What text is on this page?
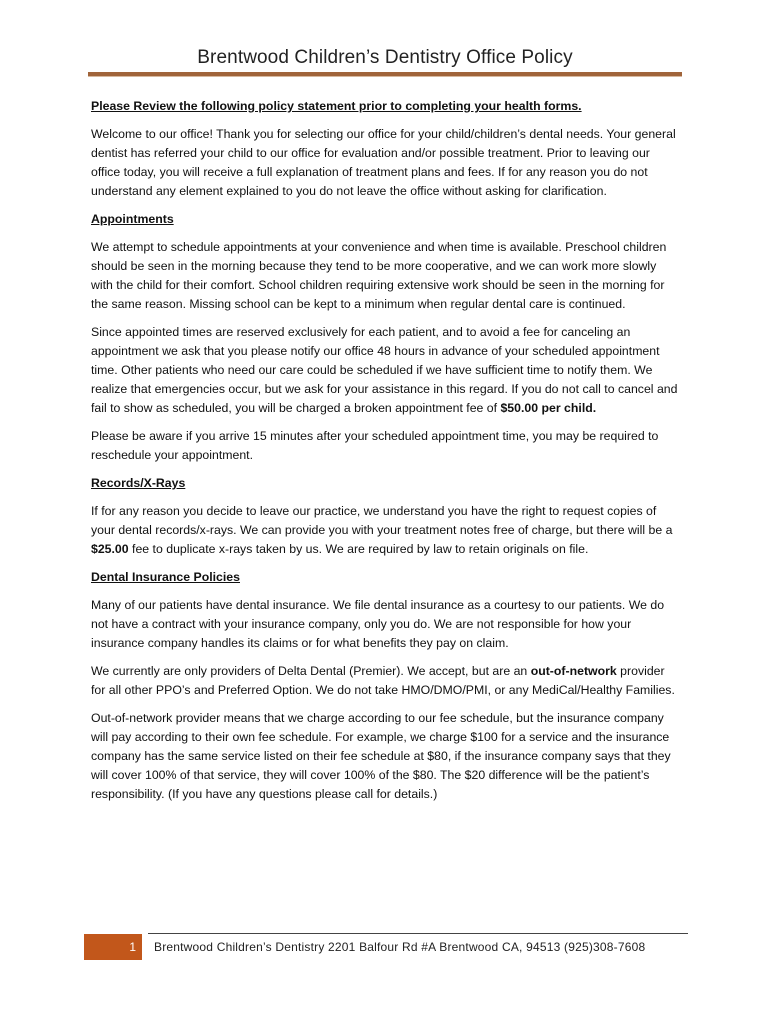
Brentwood Children’s Dentistry Office Policy

Please Review the following policy statement prior to completing your health forms.

Welcome to our office! Thank you for selecting our office for your child/children’s dental needs. Your general dentist has referred your child to our office for evaluation and/or possible treatment. Prior to leaving our office today, you will receive a full explanation of treatment plans and fees. If for any reason you do not understand any element explained to you do not leave the office without asking for clarification.

Appointments

We attempt to schedule appointments at your convenience and when time is available. Preschool children should be seen in the morning because they tend to be more cooperative, and we can work more slowly with the child for their comfort. School children requiring extensive work should be seen in the morning for the same reason. Missing school can be kept to a minimum when regular dental care is continued.

Since appointed times are reserved exclusively for each patient, and to avoid a fee for canceling an appointment we ask that you please notify our office 48 hours in advance of your scheduled appointment time. Other patients who need our care could be scheduled if we have sufficient time to notify them. We realize that emergencies occur, but we ask for your assistance in this regard. If you do not call to cancel and fail to show as scheduled, you will be charged a broken appointment fee of $50.00 per child.

Please be aware if you arrive 15 minutes after your scheduled appointment time, you may be required to reschedule your appointment.

Records/X-Rays

If for any reason you decide to leave our practice, we understand you have the right to request copies of your dental records/x-rays. We can provide you with your treatment notes free of charge, but there will be a $25.00 fee to duplicate x-rays taken by us. We are required by law to retain originals on file.

Dental Insurance Policies

Many of our patients have dental insurance. We file dental insurance as a courtesy to our patients. We do not have a contract with your insurance company, only you do. We are not responsible for how your insurance company handles its claims or for what benefits they pay on claim.

We currently are only providers of Delta Dental (Premier). We accept, but are an out-of-network provider for all other PPO’s and Preferred Option. We do not take HMO/DMO/PMI, or any MediCal/Healthy Families.

Out-of-network provider means that we charge according to our fee schedule, but the insurance company will pay according to their own fee schedule. For example, we charge $100 for a service and the insurance company has the same service listed on their fee schedule at $80, if the insurance company says that they will cover 100% of that service, they will cover 100% of the $80. The $20 difference will be the patient’s responsibility. (If you have any questions please call for details.)

1	Brentwood Children’s Dentistry 2201 Balfour Rd #A Brentwood CA, 94513 (925)308-7608
